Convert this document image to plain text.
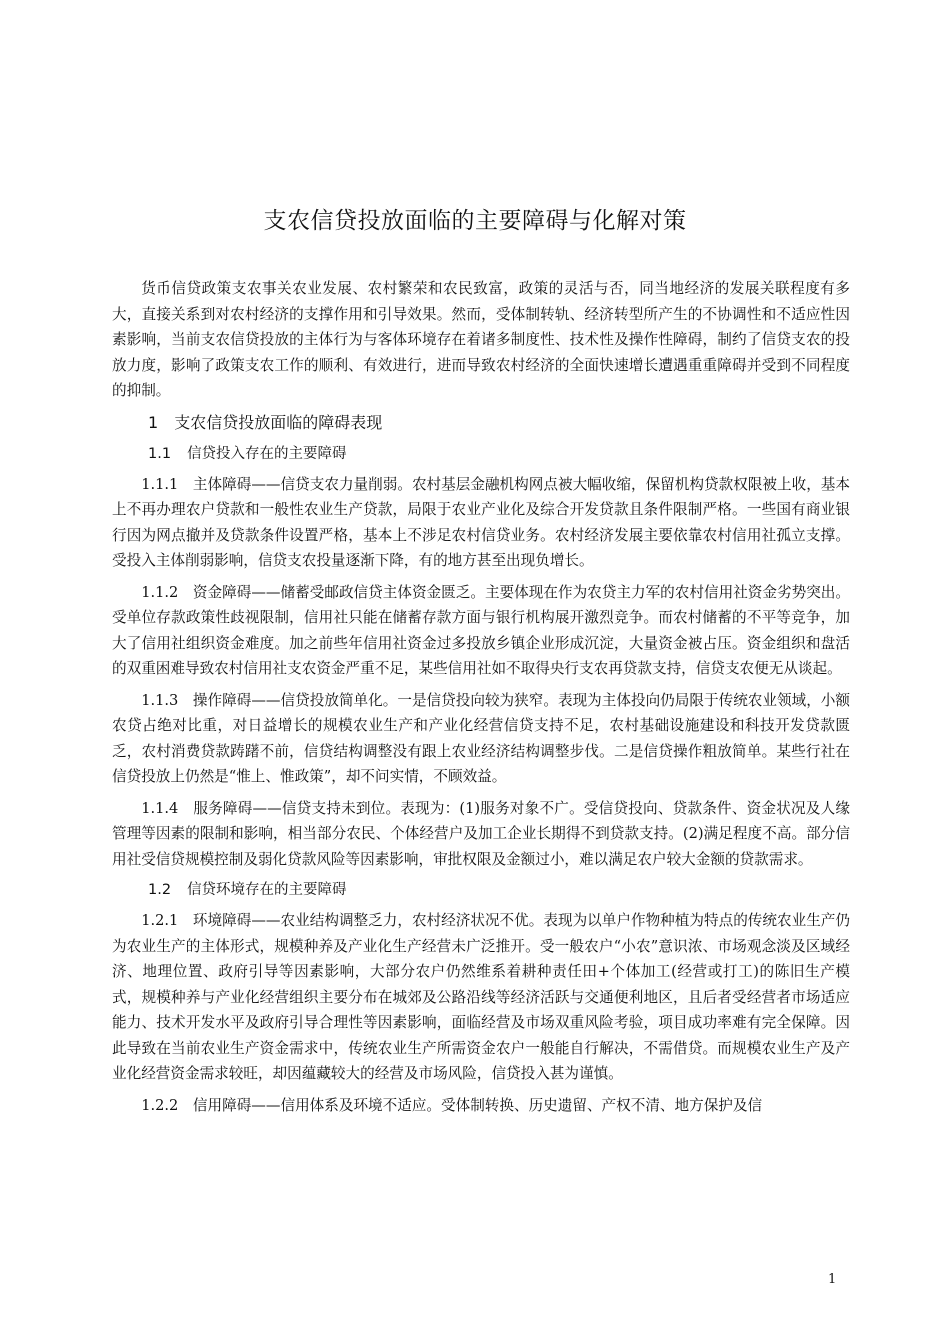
支农信贷投放面临的主要障碍与化解对策

货币信贷政策支农事关农业发展、农村繁荣和农民致富，政策的灵活与否，同当地经济的发展关联程度有多大，直接关系到对农村经济的支撑作用和引导效果。然而，受体制转轨、经济转型所产生的不协调性和不适应性因素影响，当前支农信贷投放的主体行为与客体环境存在着诸多制度性、技术性及操作性障碍，制约了信贷支农的投放力度，影响了政策支农工作的顺利、有效进行，进而导致农村经济的全面快速增长遭遇重重障碍并受到不同程度的抑制。

1 支农信贷投放面临的障碍表现
1.1 信贷投入存在的主要障碍

1.1.1　主体障碍——信贷支农力量削弱。农村基层金融机构网点被大幅收缩，保留机构贷款权限被上收，基本上不再办理农户贷款和一般性农业生产贷款，局限于农业产业化及综合开发贷款且条件限制严格。一些国有商业银行因为网点撤并及贷款条件设置严格，基本上不涉足农村信贷业务。农村经济发展主要依靠农村信用社孤立支撑。受投入主体削弱影响，信贷支农投量逐渐下降，有的地方甚至出现负增长。

1.1.2　资金障碍——储蓄受邮政信贷主体资金匮乏。主要体现在作为农贷主力军的农村信用社资金劣势突出。受单位存款政策性歧视限制，信用社只能在储蓄存款方面与银行机构展开激烈竞争。而农村储蓄的不平等竞争，加大了信用社组织资金难度。加之前些年信用社资金过多投放乡镇企业形成沉淀，大量资金被占压。资金组织和盘活的双重困难导致农村信用社支农资金严重不足，某些信用社如不取得央行支农再贷款支持，信贷支农便无从谈起。

1.1.3　操作障碍——信贷投放简单化。一是信贷投向较为狭窄。表现为主体投向仍局限于传统农业领域，小额农贷占绝对比重，对日益增长的规模农业生产和产业化经营信贷支持不足，农村基础设施建设和科技开发贷款匮乏，农村消费贷款踌躇不前，信贷结构调整没有跟上农业经济结构调整步伐。二是信贷操作粗放简单。某些行社在信贷投放上仍然是“惟上、惟政策”，却不问实情，不顾效益。

1.1.4　服务障碍——信贷支持未到位。表现为：(1)服务对象不广。受信贷投向、贷款条件、资金状况及人缘管理等因素的限制和影响，相当部分农民、个体经营户及加工企业长期得不到贷款支持。(2)满足程度不高。部分信用社受信贷规模控制及弱化贷款风险等因素影响，审批权限及金额过小，难以满足农户较大金额的贷款需求。

1.2 信贷环境存在的主要障碍

1.2.1　环境障碍——农业结构调整乏力，农村经济状况不优。表现为以单户作物种植为特点的传统农业生产仍为农业生产的主体形式，规模种养及产业化生产经营未广泛推开。受一般农户“小农”意识浓、市场观念淡及区域经济、地理位置、政府引导等因素影响，大部分农户仍然维系着耕种责任田+个体加工(经营或打工)的陈旧生产模式，规模种养与产业化经营组织主要分布在城郊及公路沿线等经济活跃与交通便利地区，且后者受经营者市场适应能力、技术开发水平及政府引导合理性等因素影响，面临经营及市场双重风险考验，项目成功率难有完全保障。因此导致在当前农业生产资金需求中，传统农业生产所需资金农户一般能自行解决，不需借贷。而规模农业生产及产业化经营资金需求较旺，却因蕴藏较大的经营及市场风险，信贷投入甚为谨慎。

1.2.2　信用障碍——信用体系及环境不适应。受体制转换、历史遗留、产权不清、地方保护及信

1
